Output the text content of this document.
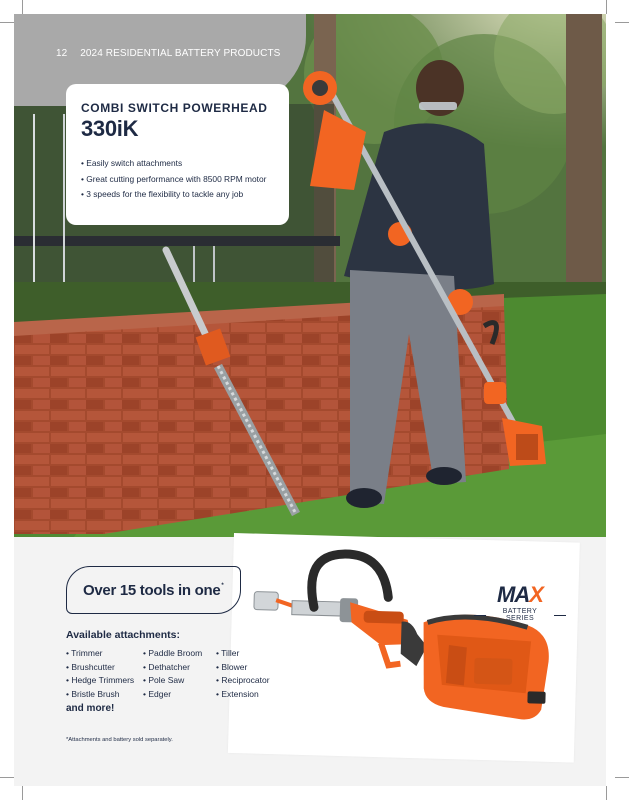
12 2024 RESIDENTIAL BATTERY PRODUCTS
COMBI SWITCH POWERHEAD
330iK
• Easily switch attachments
• Great cutting performance with 8500 RPM motor
• 3 speeds for the flexibility to tackle any job
MAX
BATTERY SERIES
Over 15 tools in one*
Available attachments:
• Trimmer
• Brushcutter
• Hedge Trimmers
• Bristle Brush
• Paddle Broom
• Dethatcher
• Pole Saw
• Edger
• Tiller
• Blower
• Reciprocator
• Extension
and more!
*Attachments and battery sold separately.
